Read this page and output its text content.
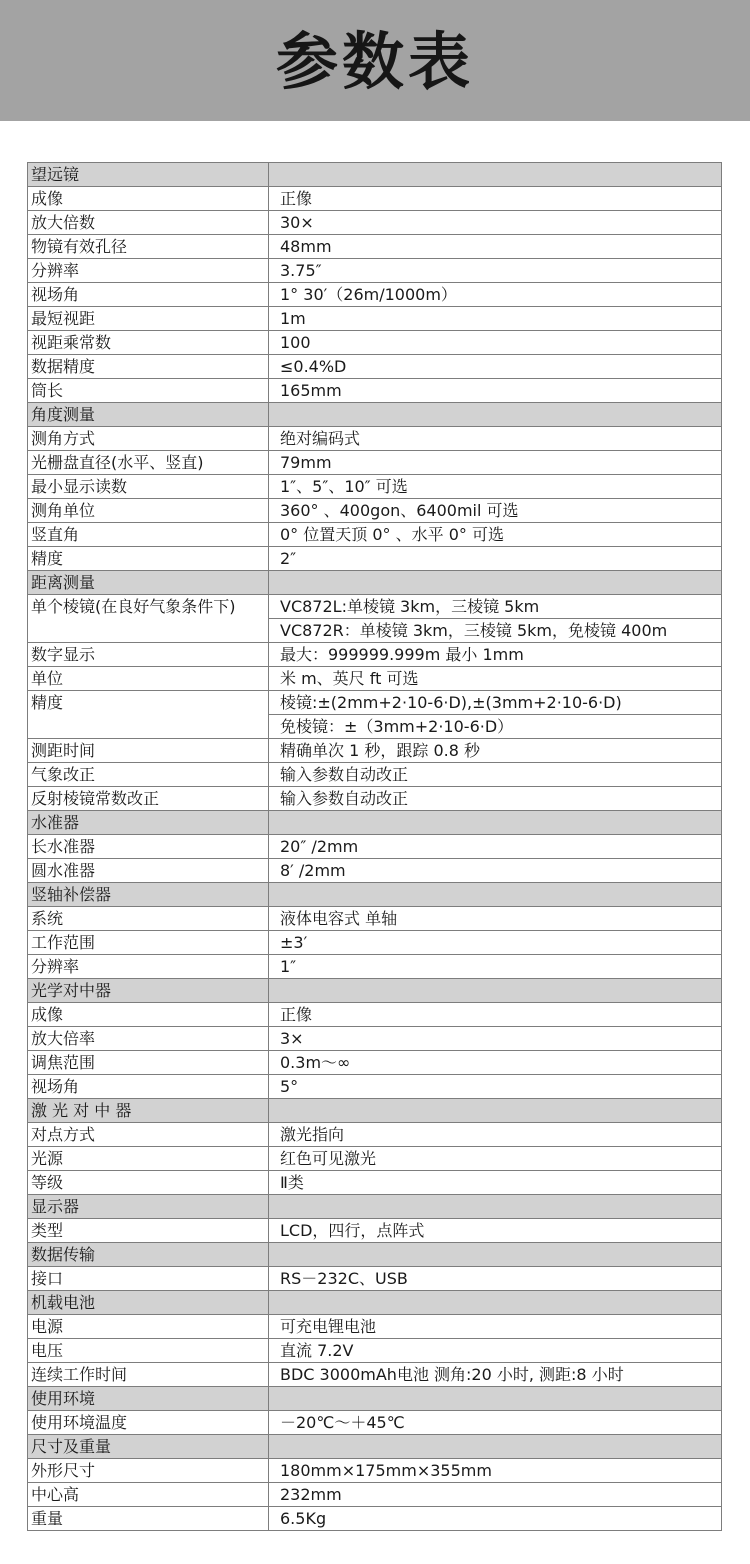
参数表
望远镜	
成像	正像
放大倍数	30×
物镜有效孔径	48mm
分辨率	3.75″
视场角	1° 30′（26m/1000m）
最短视距	1m
视距乘常数	100
数据精度	≤0.4%D
筒长	165mm
角度测量	
测角方式	绝对编码式
光栅盘直径(水平、竖直)	79mm
最小显示读数	1″、5″、10″ 可选
测角单位	360° 、400gon、6400mil 可选
竖直角	0° 位置天顶 0° 、水平 0° 可选
精度	2″
距离测量	
单个棱镜(在良好气象条件下)	VC872L:单棱镜 3km，三棱镜 5km
	VC872R：单棱镜 3km，三棱镜 5km，免棱镜 400m
数字显示	最大：999999.999m 最小 1mm
单位	米 m、英尺 ft 可选
精度	棱镜:±(2mm+2·10-6·D),±(3mm+2·10-6·D)
	免棱镜：±（3mm+2·10-6·D）
测距时间	精确单次 1 秒，跟踪 0.8 秒
气象改正	输入参数自动改正
反射棱镜常数改正	输入参数自动改正
水准器	
长水准器	20″ /2mm
圆水准器	8′ /2mm
竖轴补偿器	
系统	液体电容式 单轴
工作范围	±3′
分辨率	1″
光学对中器	
成像	正像
放大倍率	3×
调焦范围	0.3m～∞
视场角	5°
激 光 对 中 器	
对点方式	激光指向
光源	红色可见激光
等级	Ⅱ类
显示器	
类型	LCD，四行，点阵式
数据传输	
接口	RS－232C、USB
机载电池	
电源	可充电锂电池
电压	直流 7.2V
连续工作时间	BDC 3000mAh电池 测角:20 小时, 测距:8 小时
使用环境	
使用环境温度	－20℃～＋45℃
尺寸及重量	
外形尺寸	180mm×175mm×355mm
中心高	232mm
重量	6.5Kg
